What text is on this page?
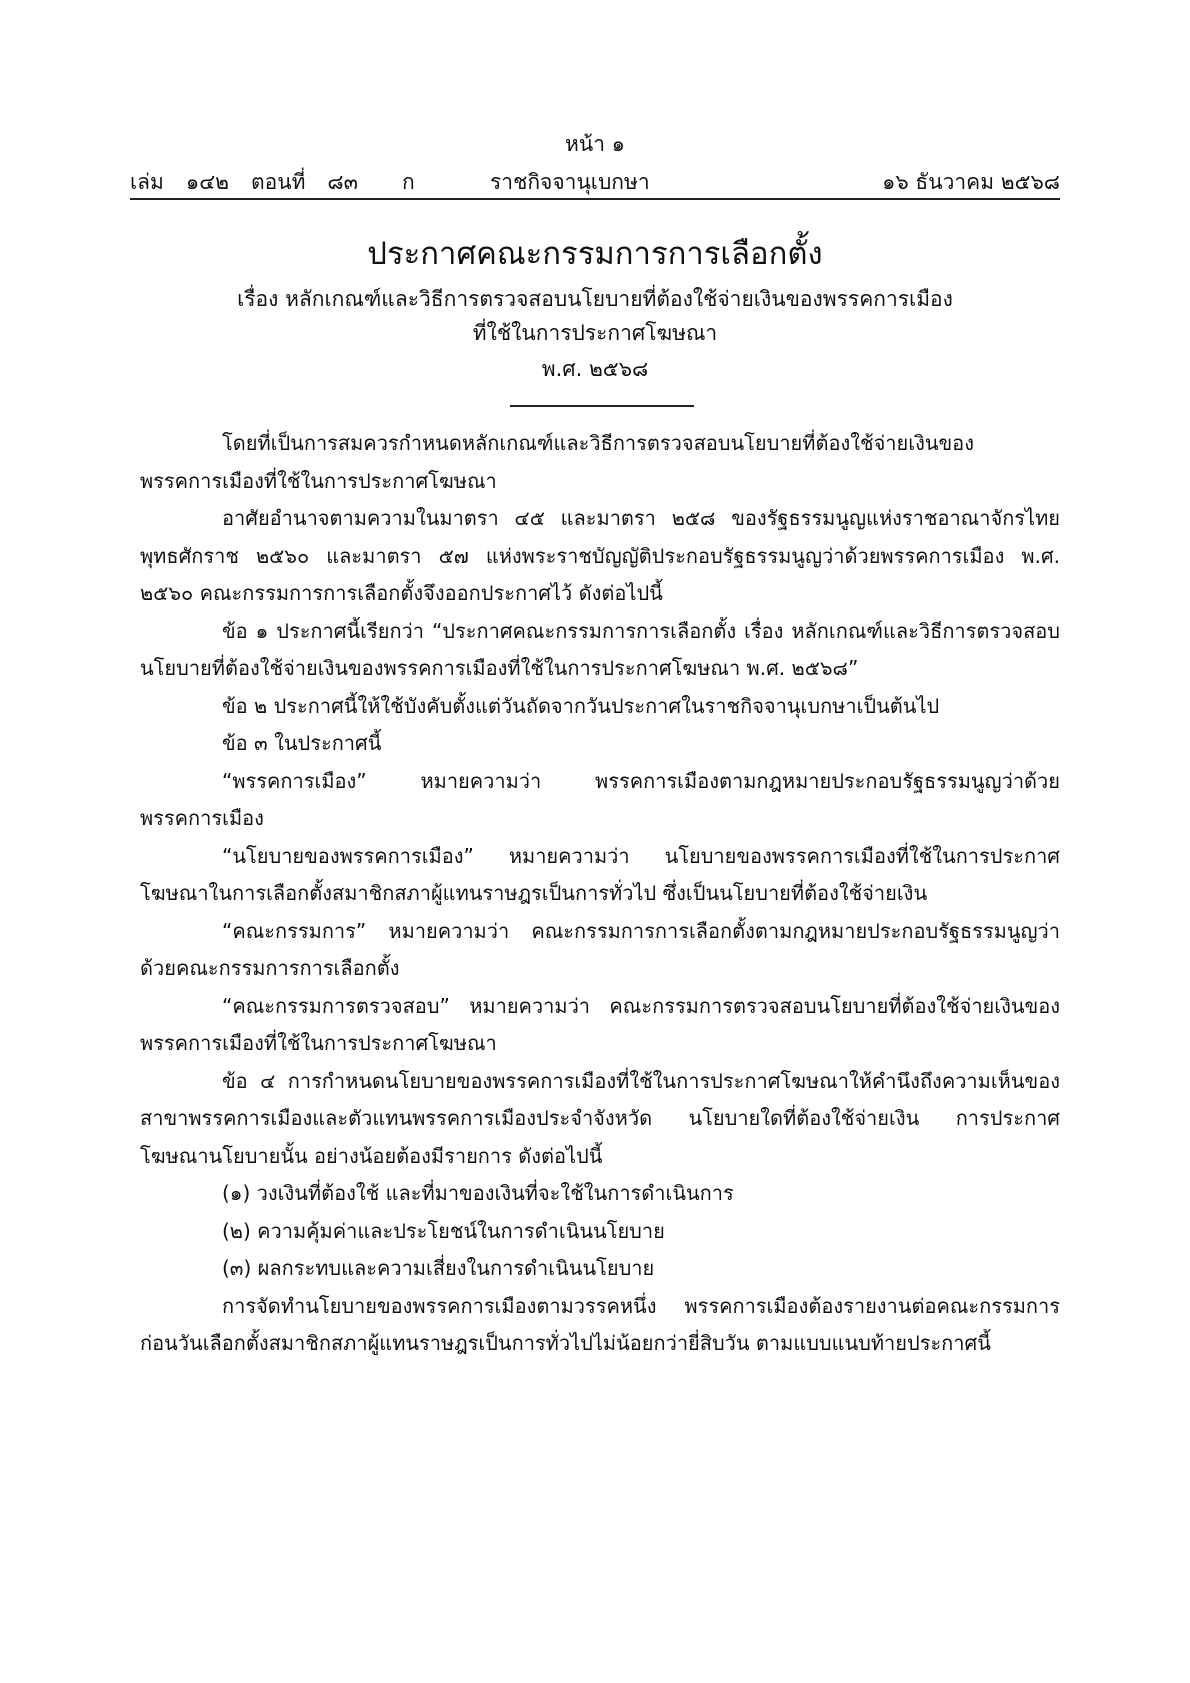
หน้า ๑
เล่ม ๑๔๒ ตอนที่ ๘๓ ก	ราชกิจจานุเบกษา	๑๖ ธันวาคม ๒๕๖๘
ประกาศคณะกรรมการการเลือกตั้ง
เรื่อง หลักเกณฑ์และวิธีการตรวจสอบนโยบายที่ต้องใช้จ่ายเงินของพรรคการเมือง
ที่ใช้ในการประกาศโฆษณา
พ.ศ. ๒๕๖๘

โดยที่เป็นการสมควรกำหนดหลักเกณฑ์และวิธีการตรวจสอบนโยบายที่ต้องใช้จ่ายเงินของพรรคการเมืองที่ใช้ในการประกาศโฆษณา

อาศัยอำนาจตามความในมาตรา ๔๕ และมาตรา ๒๕๘ ของรัฐธรรมนูญแห่งราชอาณาจักรไทย พุทธศักราช ๒๕๖๐ และมาตรา ๕๗ แห่งพระราชบัญญัติประกอบรัฐธรรมนูญว่าด้วยพรรคการเมือง พ.ศ. ๒๕๖๐ คณะกรรมการการเลือกตั้งจึงออกประกาศไว้ ดังต่อไปนี้

ข้อ ๑ ประกาศนี้เรียกว่า “ประกาศคณะกรรมการการเลือกตั้ง เรื่อง หลักเกณฑ์และวิธีการตรวจสอบนโยบายที่ต้องใช้จ่ายเงินของพรรคการเมืองที่ใช้ในการประกาศโฆษณา พ.ศ. ๒๕๖๘”

ข้อ ๒ ประกาศนี้ให้ใช้บังคับตั้งแต่วันถัดจากวันประกาศในราชกิจจานุเบกษาเป็นต้นไป

ข้อ ๓ ในประกาศนี้

“พรรคการเมือง” หมายความว่า พรรคการเมืองตามกฎหมายประกอบรัฐธรรมนูญว่าด้วยพรรคการเมือง

“นโยบายของพรรคการเมือง” หมายความว่า นโยบายของพรรคการเมืองที่ใช้ในการประกาศโฆษณาในการเลือกตั้งสมาชิกสภาผู้แทนราษฎรเป็นการทั่วไป ซึ่งเป็นนโยบายที่ต้องใช้จ่ายเงิน

“คณะกรรมการ” หมายความว่า คณะกรรมการการเลือกตั้งตามกฎหมายประกอบรัฐธรรมนูญว่าด้วยคณะกรรมการการเลือกตั้ง

“คณะกรรมการตรวจสอบ” หมายความว่า คณะกรรมการตรวจสอบนโยบายที่ต้องใช้จ่ายเงินของพรรคการเมืองที่ใช้ในการประกาศโฆษณา

ข้อ ๔ การกำหนดนโยบายของพรรคการเมืองที่ใช้ในการประกาศโฆษณาให้คำนึงถึงความเห็นของสาขาพรรคการเมืองและตัวแทนพรรคการเมืองประจำจังหวัด นโยบายใดที่ต้องใช้จ่ายเงิน การประกาศโฆษณานโยบายนั้น อย่างน้อยต้องมีรายการ ดังต่อไปนี้

(๑) วงเงินที่ต้องใช้ และที่มาของเงินที่จะใช้ในการดำเนินการ

(๒) ความคุ้มค่าและประโยชน์ในการดำเนินนโยบาย

(๓) ผลกระทบและความเสี่ยงในการดำเนินนโยบาย

การจัดทำนโยบายของพรรคการเมืองตามวรรคหนึ่ง พรรคการเมืองต้องรายงานต่อคณะกรรมการก่อนวันเลือกตั้งสมาชิกสภาผู้แทนราษฎรเป็นการทั่วไปไม่น้อยกว่ายี่สิบวัน ตามแบบแนบท้ายประกาศนี้
